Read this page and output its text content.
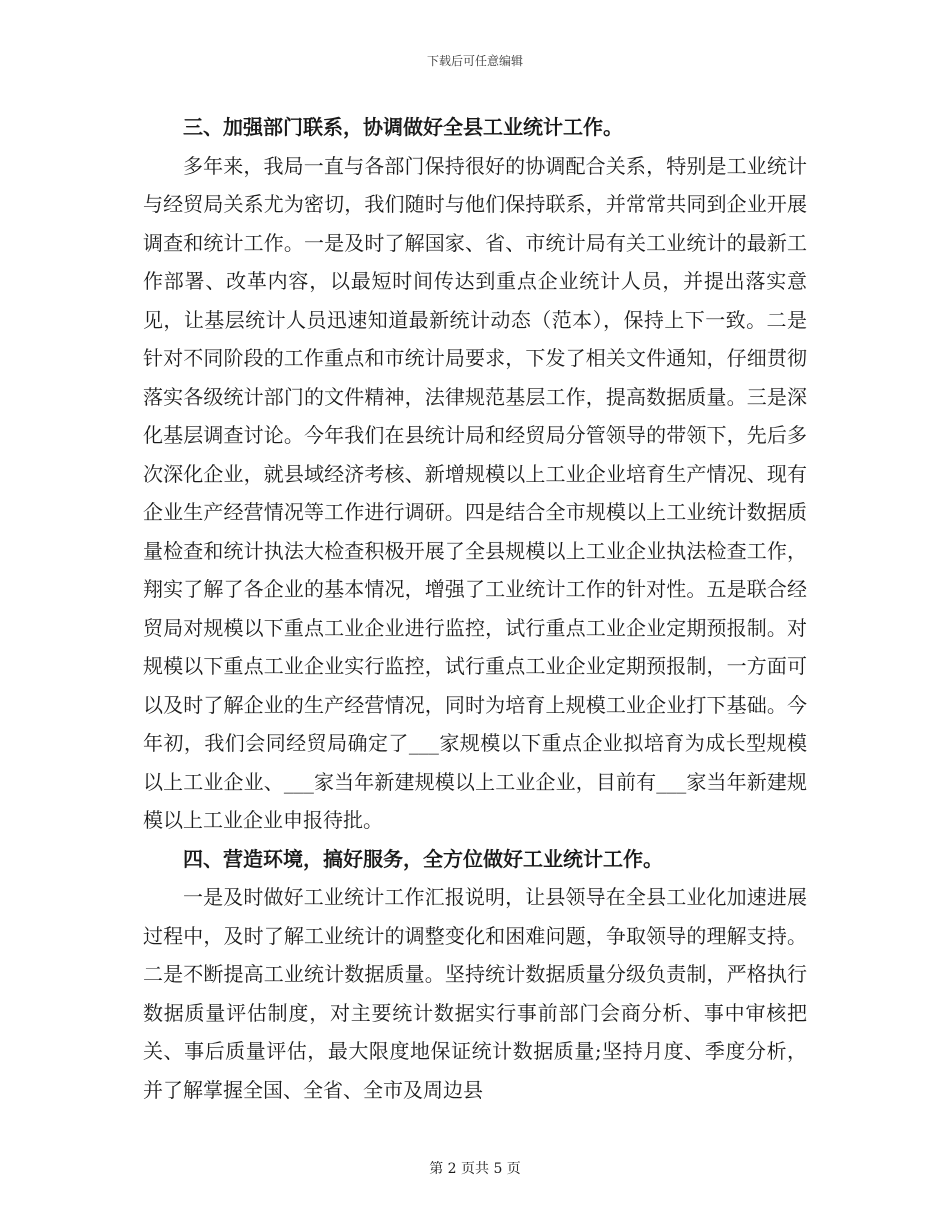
下载后可任意编辑

三、加强部门联系，协调做好全县工业统计工作。

多年来，我局一直与各部门保持很好的协调配合关系，特别是工业统计与经贸局关系尤为密切，我们随时与他们保持联系，并常常共同到企业开展调查和统计工作。一是及时了解国家、省、市统计局有关工业统计的最新工作部署、改革内容，以最短时间传达到重点企业统计人员，并提出落实意见，让基层统计人员迅速知道最新统计动态（范本），保持上下一致。二是针对不同阶段的工作重点和市统计局要求，下发了相关文件通知，仔细贯彻落实各级统计部门的文件精神，法律规范基层工作，提高数据质量。三是深化基层调查讨论。今年我们在县统计局和经贸局分管领导的带领下，先后多次深化企业，就县域经济考核、新增规模以上工业企业培育生产情况、现有企业生产经营情况等工作进行调研。四是结合全市规模以上工业统计数据质量检查和统计执法大检查积极开展了全县规模以上工业企业执法检查工作，翔实了解了各企业的基本情况，增强了工业统计工作的针对性。五是联合经贸局对规模以下重点工业企业进行监控，试行重点工业企业定期预报制。对规模以下重点工业企业实行监控，试行重点工业企业定期预报制，一方面可以及时了解企业的生产经营情况，同时为培育上规模工业企业打下基础。今年初，我们会同经贸局确定了___家规模以下重点企业拟培育为成长型规模以上工业企业、___家当年新建规模以上工业企业，目前有___家当年新建规模以上工业企业申报待批。

四、营造环境，搞好服务，全方位做好工业统计工作。

一是及时做好工业统计工作汇报说明，让县领导在全县工业化加速进展过程中，及时了解工业统计的调整变化和困难问题，争取领导的理解支持。二是不断提高工业统计数据质量。坚持统计数据质量分级负责制，严格执行数据质量评估制度，对主要统计数据实行事前部门会商分析、事中审核把关、事后质量评估，最大限度地保证统计数据质量;坚持月度、季度分析，并了解掌握全国、全省、全市及周边县

第 2 页共 5 页
